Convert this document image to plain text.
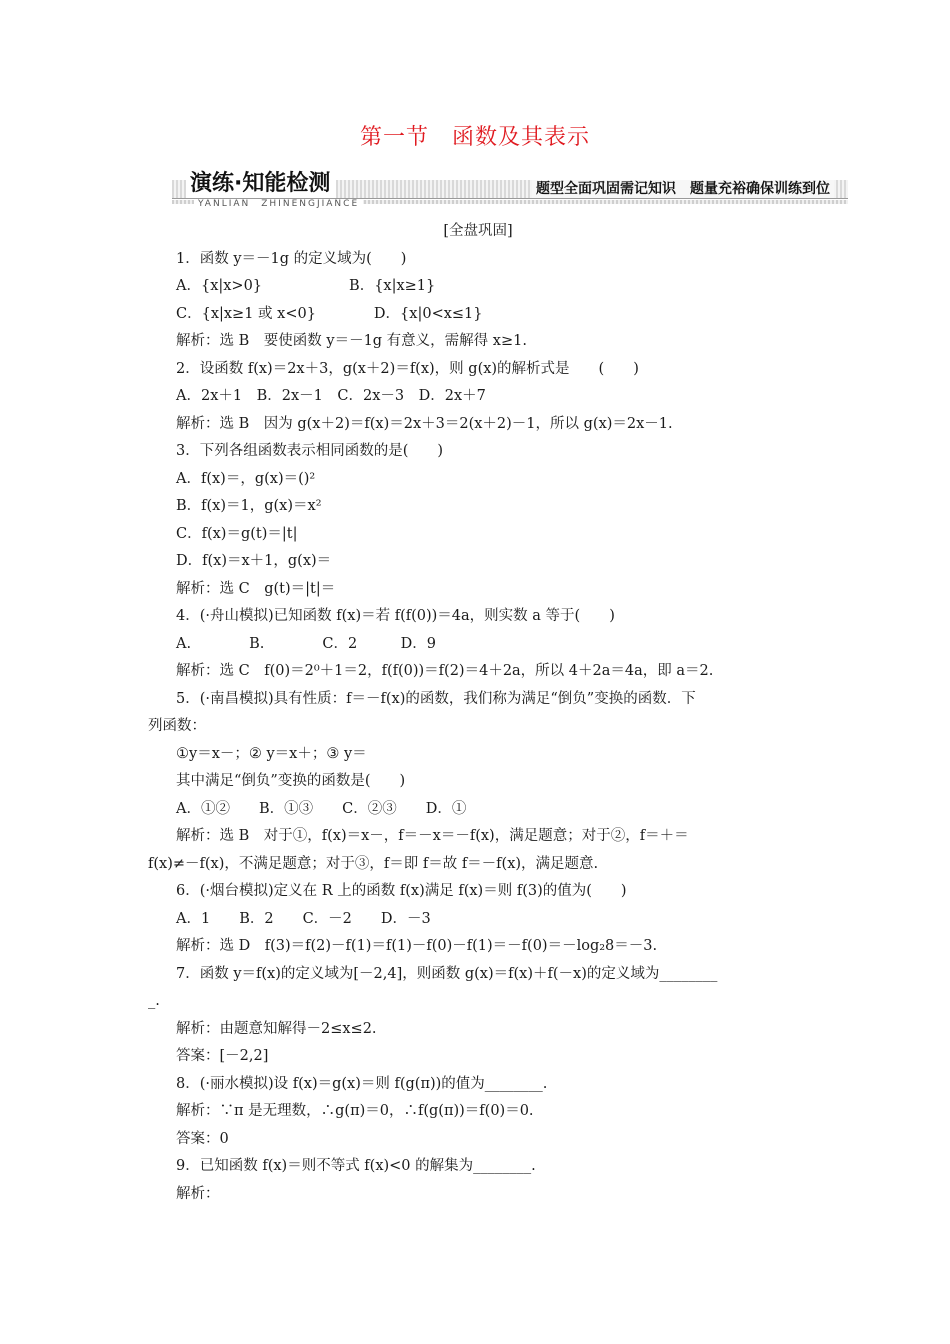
第一节　函数及其表示
演练·知能检测
YANLIAN　ZHINENGJIANCE
题型全面巩固需记知识　题量充裕确保训练到位

[全盘巩固]

1．函数 y＝－1g 的定义域为(　　)

A．{x|x>0}　　　　　　B．{x|x≥1}

C．{x|x≥1 或 x<0}　　　　D．{x|0<x≤1}

解析：选 B　要使函数 y＝－1g 有意义，需解得 x≥1.

2．设函数 f(x)＝2x＋3，g(x＋2)＝f(x)，则 g(x)的解析式是　　(　　)

A．2x＋1　B．2x－1　C．2x－3　D．2x＋7

解析：选 B　因为 g(x＋2)＝f(x)＝2x＋3＝2(x＋2)－1，所以 g(x)＝2x－1.

3．下列各组函数表示相同函数的是(　　)

A．f(x)＝，g(x)＝()²

B．f(x)＝1，g(x)＝x²

C．f(x)＝g(t)＝|t|

D．f(x)＝x＋1，g(x)＝

解析：选 C　g(t)＝|t|＝

4．(·舟山模拟)已知函数 f(x)＝若 f(f(0))＝4a，则实数 a 等于(　　)

A.　　　　B.　　　　C．2　　　D．9

解析：选 C　f(0)＝2⁰＋1＝2，f(f(0))＝f(2)＝4＋2a，所以 4＋2a＝4a，即 a＝2.

5．(·南昌模拟)具有性质：f＝－f(x)的函数，我们称为满足“倒负”变换的函数．下

列函数：

①y＝x－；② y＝x＋；③ y＝

其中满足“倒负”变换的函数是(　　)

A．①②　　B．①③　　C．②③　　D．①

解析：选 B　对于①，f(x)＝x－，f＝－x＝－f(x)，满足题意；对于②，f＝＋＝

f(x)≠－f(x)，不满足题意；对于③，f＝即 f＝故 f＝－f(x)，满足题意.

6．(·烟台模拟)定义在 R 上的函数 f(x)满足 f(x)＝则 f(3)的值为(　　)

A．1　　B．2　　C．－2　　D．－3

解析：选 D　f(3)＝f(2)－f(1)＝f(1)－f(0)－f(1)＝－f(0)＝－log₂8＝－3.

7．函数 y＝f(x)的定义域为[－2,4]，则函数 g(x)＝f(x)＋f(－x)的定义域为________

_.

解析：由题意知解得－2≤x≤2.

答案：[－2,2]

8．(·丽水模拟)设 f(x)＝g(x)＝则 f(g(π))的值为________.

解析：∵π 是无理数，∴g(π)＝0，∴f(g(π))＝f(0)＝0.

答案：0

9．已知函数 f(x)＝则不等式 f(x)<0 的解集为________.

解析：
